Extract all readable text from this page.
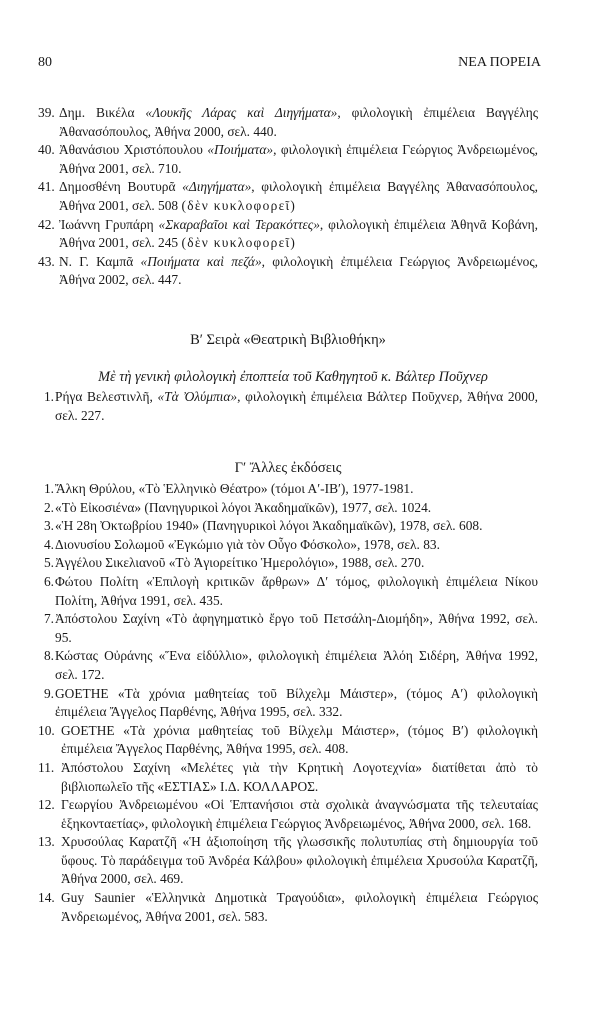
80	ΝΕΑ ΠΟΡΕΙΑ
39. Δημ. Βικέλα «Λουκῆς Λάρας καὶ Διηγήματα», φιλολογικὴ ἐπιμέλεια Βαγγέλης Ἀθανασόπουλος, Ἀθήνα 2000, σελ. 440.
40. Ἀθανάσιου Χριστόπουλου «Ποιήματα», φιλολογικὴ ἐπιμέλεια Γεώργιος Ἀνδρειωμένος, Ἀθήνα 2001, σελ. 710.
41. Δημοσθένη Βουτυρᾶ «Διηγήματα», φιλολογικὴ ἐπιμέλεια Βαγγέλης Ἀθανασόπουλος, Ἀθήνα 2001, σελ. 508 (δὲν κυκλοφορεῖ)
42. Ἰωάννη Γρυπάρη «Σκαραβαῖοι καὶ Τερακόττες», φιλολογικὴ ἐπιμέλεια Ἀθηνᾶ Κοβάνη, Ἀθήνα 2001, σελ. 245 (δὲν κυκλοφορεῖ)
43. Ν. Γ. Καμπᾶ «Ποιήματα καὶ πεζά», φιλολογικὴ ἐπιμέλεια Γεώργιος Ἀνδρειωμένος, Ἀθήνα 2002, σελ. 447.
Β′ Σειρὰ «Θεατρικὴ Βιβλιοθήκη»
Μὲ τὴ γενικὴ φιλολογικὴ ἐποπτεία τοῦ Καθηγητοῦ κ. Βάλτερ Ποῦχνερ
1. Ρήγα Βελεστινλῆ, «Τὰ Ὀλύμπια», φιλολογικὴ ἐπιμέλεια Βάλτερ Ποῦχνερ, Ἀθήνα 2000, σελ. 227.
Γ′ Ἄλλες ἐκδόσεις
1. Ἄλκη Θρύλου, «Τὸ Ἑλληνικὸ Θέατρο» (τόμοι Α′-ΙΒ′), 1977-1981.
2. «Τὸ Εἰκοσιένα» (Πανηγυρικοὶ λόγοι Ἀκαδημαϊκῶν), 1977, σελ. 1024.
3. «Ἡ 28η Ὀκτωβρίου 1940» (Πανηγυρικοὶ λόγοι Ἀκαδημαϊκῶν), 1978, σελ. 608.
4. Διονυσίου Σολωμοῦ «Ἐγκώμιο γιὰ τὸν Οὖγο Φόσκολο», 1978, σελ. 83.
5. Ἀγγέλου Σικελιανοῦ «Τὸ Ἁγιορείτικο Ἡμερολόγιο», 1988, σελ. 270.
6. Φώτου Πολίτη «Ἐπιλογὴ κριτικῶν ἄρθρων» Δ′ τόμος, φιλολογικὴ ἐπιμέλεια Νίκου Πολίτη, Ἀθήνα 1991, σελ. 435.
7. Ἀπόστολου Σαχίνη «Τὸ ἀφηγηματικὸ ἔργο τοῦ Πετσάλη-Διομήδη», Ἀθήνα 1992, σελ. 95.
8. Κώστας Οὐράνης «Ἕνα εἰδύλλιο», φιλολογικὴ ἐπιμέλεια Ἀλόη Σιδέρη, Ἀθήνα 1992, σελ. 172.
9. GOETHE «Τὰ χρόνια μαθητείας τοῦ Βίλχελμ Μάιστερ», (τόμος Α′) φιλολογικὴ ἐπιμέλεια Ἄγγελος Παρθένης, Ἀθήνα 1995, σελ. 332.
10. GOETHE «Τὰ χρόνια μαθητείας τοῦ Βίλχελμ Μάιστερ», (τόμος Β′) φιλολογικὴ ἐπιμέλεια Ἄγγελος Παρθένης, Ἀθήνα 1995, σελ. 408.
11. Ἀπόστολου Σαχίνη «Μελέτες γιὰ τὴν Κρητικὴ Λογοτεχνία» διατίθεται ἀπὸ τὸ βιβλιοπωλεῖο τῆς «ΕΣΤΙΑΣ» Ι.Δ. ΚΟΛΛΑΡΟΣ.
12. Γεωργίου Ἀνδρειωμένου «Οἱ Ἑπτανήσιοι στὰ σχολικὰ ἀναγνώσματα τῆς τελευταίας ἑξηκονταετίας», φιλολογικὴ ἐπιμέλεια Γεώργιος Ἀνδρειωμένος, Ἀθήνα 2000, σελ. 168.
13. Χρυσούλας Καρατζῆ «Ἡ ἀξιοποίηση τῆς γλωσσικῆς πολυτυπίας στὴ δημιουργία τοῦ ὕφους. Τὸ παράδειγμα τοῦ Ἀνδρέα Κάλβου» φιλολογικὴ ἐπιμέλεια Χρυσούλα Καρατζῆ, Ἀθήνα 2000, σελ. 469.
14. Guy Saunier «Ἑλληνικὰ Δημοτικὰ Τραγούδια», φιλολογικὴ ἐπιμέλεια Γεώργιος Ἀνδρειωμένος, Ἀθήνα 2001, σελ. 583.
